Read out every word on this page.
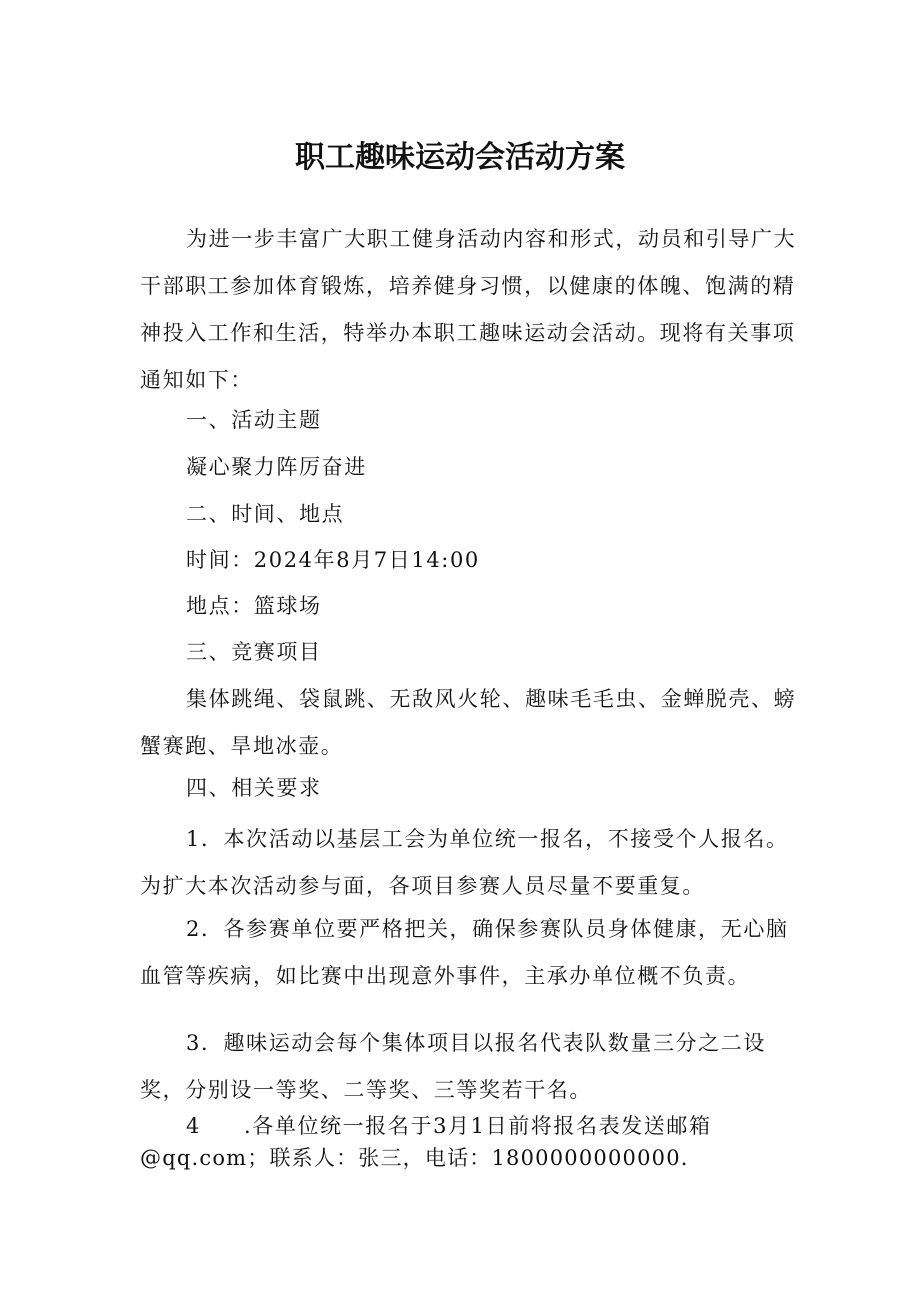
职工趣味运动会活动方案
为进一步丰富广大职工健身活动内容和形式，动员和引导广大干部职工参加体育锻炼，培养健身习惯，以健康的体魄、饱满的精神投入工作和生活，特举办本职工趣味运动会活动。现将有关事项通知如下：
一、活动主题
凝心聚力阵厉奋进
二、时间、地点
时间：2024年8月7日14:00
地点：篮球场
三、竞赛项目
集体跳绳、袋鼠跳、无敌风火轮、趣味毛毛虫、金蝉脱壳、螃蟹赛跑、旱地冰壶。
四、相关要求
1．本次活动以基层工会为单位统一报名，不接受个人报名。为扩大本次活动参与面，各项目参赛人员尽量不要重复。
2．各参赛单位要严格把关，确保参赛队员身体健康，无心脑血管等疾病，如比赛中出现意外事件，主承办单位概不负责。
3．趣味运动会每个集体项目以报名代表队数量三分之二设奖，分别设一等奖、二等奖、三等奖若干名。
4 .各单位统一报名于3月1日前将报名表发送邮箱
@qq.com；联系人：张三，电话：1800000000000.
